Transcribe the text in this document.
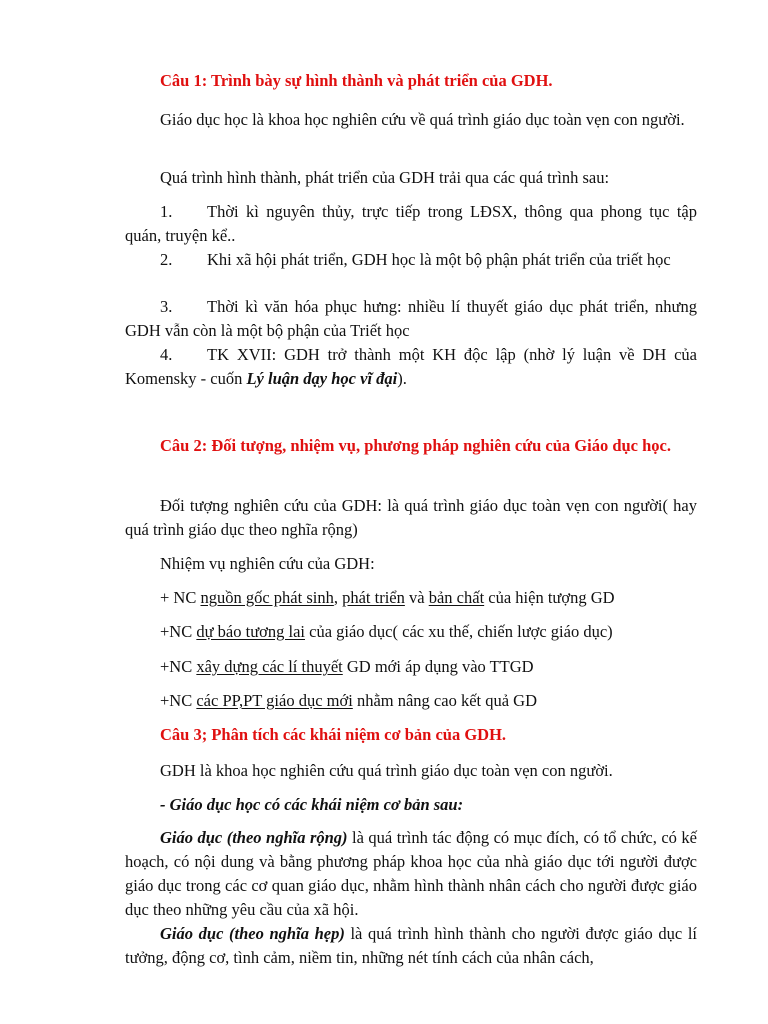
Câu 1: Trình bày sự hình thành và phát triển của GDH.

Giáo dục học là khoa học nghiên cứu về quá trình giáo dục toàn vẹn con người.

Quá trình hình thành, phát triển của GDH trải qua các quá trình sau:

1. Thời kì nguyên thủy, trực tiếp trong LĐSX, thông qua phong tục tập quán, truyện kể..

2. Khi xã hội phát triển, GDH học là một bộ phận phát triển của triết học

3. Thời kì văn hóa phục hưng: nhiều lí thuyết giáo dục phát triển, nhưng GDH vẫn còn là một bộ phận của Triết học

4. TK XVII: GDH trở thành một KH độc lập (nhờ lý luận về DH của Komensky - cuốn Lý luận dạy học vĩ đại).

Câu 2: Đối tượng, nhiệm vụ, phương pháp nghiên cứu của Giáo dục học.

Đối tượng nghiên cứu của GDH: là quá trình giáo dục toàn vẹn con người( hay quá trình giáo dục theo nghĩa rộng)

Nhiệm vụ nghiên cứu của GDH:

+ NC nguồn gốc phát sinh, phát triển và bản chất của hiện tượng GD

+NC dự báo tương lai của giáo dục( các xu thế, chiến lược giáo dục)

+NC xây dựng các lí thuyết GD mới áp dụng vào TTGD

+NC các PP,PT giáo dục mới nhằm nâng cao kết quả GD

Câu 3; Phân tích các khái niệm cơ bản của GDH.

GDH là khoa học nghiên cứu quá trình giáo dục toàn vẹn con người.

- Giáo dục học có các khái niệm cơ bản sau:

Giáo dục (theo nghĩa rộng) là quá trình tác động có mục đích, có tổ chức, có kế hoạch, có nội dung và bằng phương pháp khoa học của nhà giáo dục tới người được giáo dục trong các cơ quan giáo dục, nhằm hình thành nhân cách cho người được giáo dục theo những yêu cầu của xã hội.

Giáo dục (theo nghĩa hẹp) là quá trình hình thành cho người được giáo dục lí tưởng, động cơ, tình cảm, niềm tin, những nét tính cách của nhân cách,
